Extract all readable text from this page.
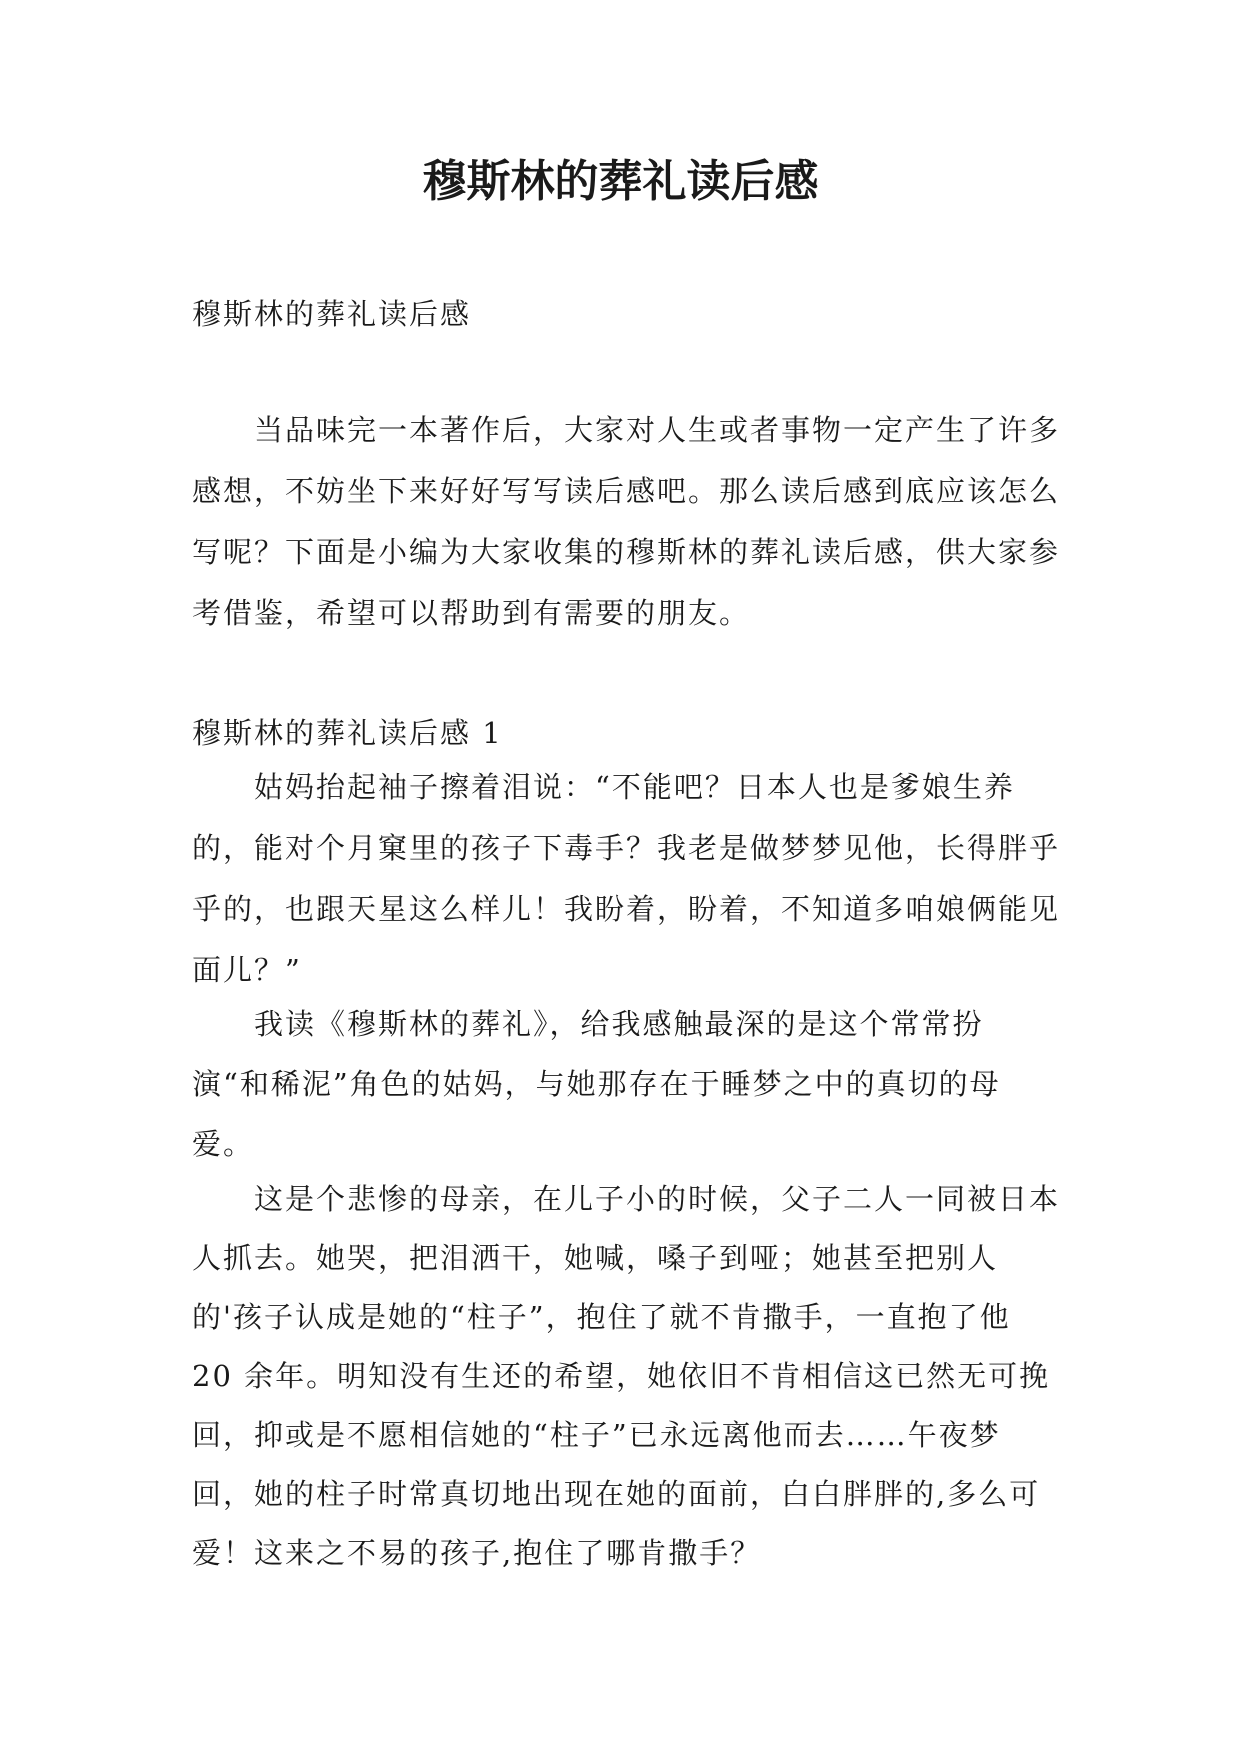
穆斯林的葬礼读后感

穆斯林的葬礼读后感

当品味完一本著作后，大家对人生或者事物一定产生了许多感想，不妨坐下来好好写写读后感吧。那么读后感到底应该怎么写呢？下面是小编为大家收集的穆斯林的葬礼读后感，供大家参考借鉴，希望可以帮助到有需要的朋友。

穆斯林的葬礼读后感 1

姑妈抬起袖子擦着泪说：“不能吧？日本人也是爹娘生养的，能对个月窠里的孩子下毒手？我老是做梦梦见他，长得胖乎乎的，也跟天星这么样儿！我盼着，盼着，不知道多咱娘俩能见面儿？”

我读《穆斯林的葬礼》，给我感触最深的是这个常常扮演“和稀泥”角色的姑妈，与她那存在于睡梦之中的真切的母爱。

这是个悲惨的母亲，在儿子小的时候，父子二人一同被日本人抓去。她哭，把泪洒干，她喊，嗓子到哑；她甚至把别人的'孩子认成是她的“柱子”，抱住了就不肯撒手，一直抱了他 20 余年。明知没有生还的希望，她依旧不肯相信这已然无可挽回，抑或是不愿相信她的“柱子”已永远离他而去……午夜梦回，她的柱子时常真切地出现在她的面前，白白胖胖的,多么可爱！这来之不易的孩子,抱住了哪肯撒手？
